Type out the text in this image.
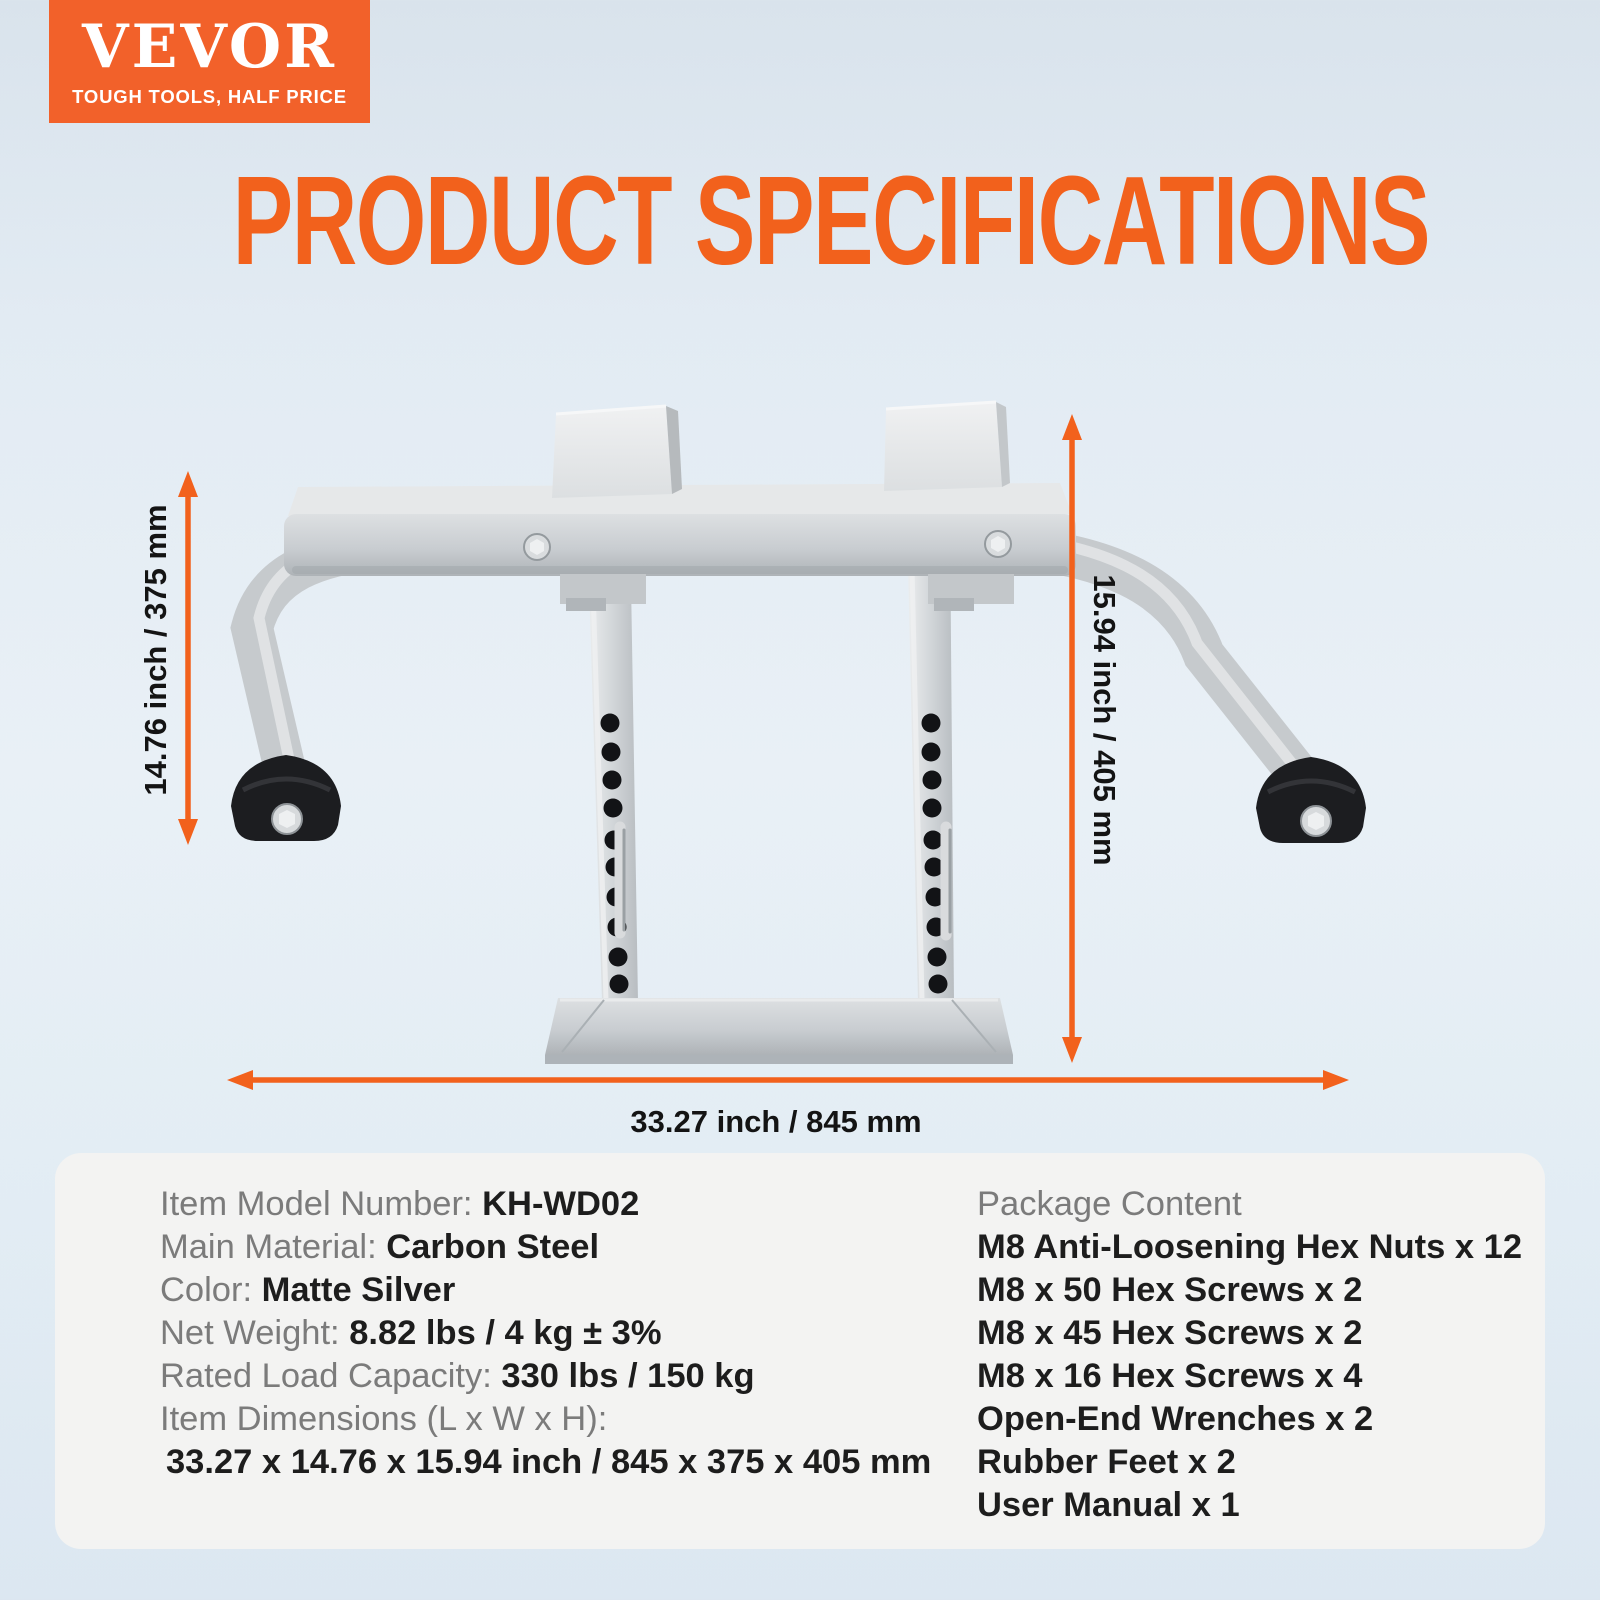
VEVOR
TOUGH TOOLS, HALF PRICE
PRODUCT SPECIFICATIONS
14.76 inch / 375 mm	15.94 inch / 405 mm
33.27 inch / 845 mm
Item Model Number: KH-WD02
Main Material: Carbon Steel
Color: Matte Silver
Net Weight: 8.82 lbs / 4 kg ± 3%
Rated Load Capacity: 330 lbs / 150 kg
Item Dimensions (L x W x H):
33.27 x 14.76 x 15.94 inch / 845 x 375 x 405 mm
Package Content
M8 Anti-Loosening Hex Nuts x 12
M8 x 50 Hex Screws x 2
M8 x 45 Hex Screws x 2
M8 x 16 Hex Screws x 4
Open-End Wrenches x 2
Rubber Feet x 2
User Manual x 1
